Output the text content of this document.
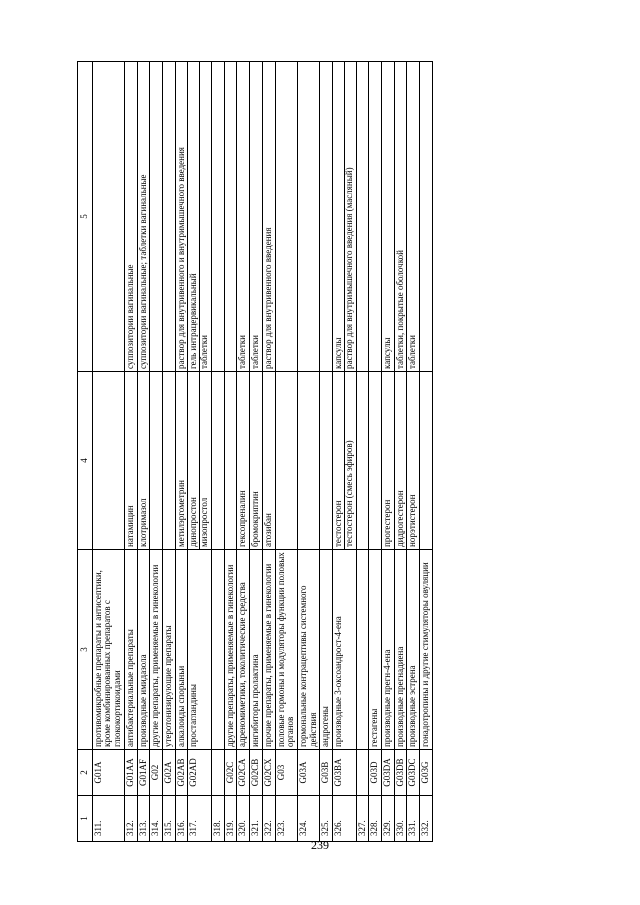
239
1	2	3	4	5
311.	G01A	противомикробные препараты и антисептики, кроме комбинированных препаратов с глюкокортикоидами		
312.	G01AA	антибактериальные препараты	натамицин	суппозитории вагинальные

313.	G01AF	производные имидазола	клотримазол	суппозитории вагинальные; таблетки вагинальные

314.	G02	другие препараты, применяемые в гинекологии		
315.	G02A	утеротонизирующие препараты		
316.	G02AB	алкалоиды спорыньи	метилэргометрин	раствор для внутривенного и внутримышечного введения

317.	G02AD	простагландины	динопростон мизопростол	гель интрацервикальный таблетки

318.				
319.	G02C	другие препараты, применяемые в гинекологии		
320.	G02CA	адреномиметики, токолитические средства	гексопреналин	таблетки

321.	G02CB	ингибиторы пролактина	бромокриптин	таблетки

322.	G02CX	прочие препараты, применяемые в гинекологии	атозибан	раствор для внутривенного введения

323.	G03	половые гормоны и модуляторы функции половых органов		
324.	G03A	гормональные контрацептивы системного действия		
325.	G03B	андрогены		
326.	G03BA	производные 3-оксоандрост-4-ена	тестостерон тестостерон (смесь эфиров)	капсулы раствор для внутримышечного введения (масляный)

327.				
328.	G03D	гестагены		
329.	G03DA	производные прегн-4-ена	прогестерон	капсулы

330.	G03DB	производные прегнадиена	дидрогестерон	таблетки, покрытые оболочкой

331.	G03DC	производные эстрена	норэтистерон	таблетки

332.	G03G	гонадотропины и другие стимуляторы овуляции		
